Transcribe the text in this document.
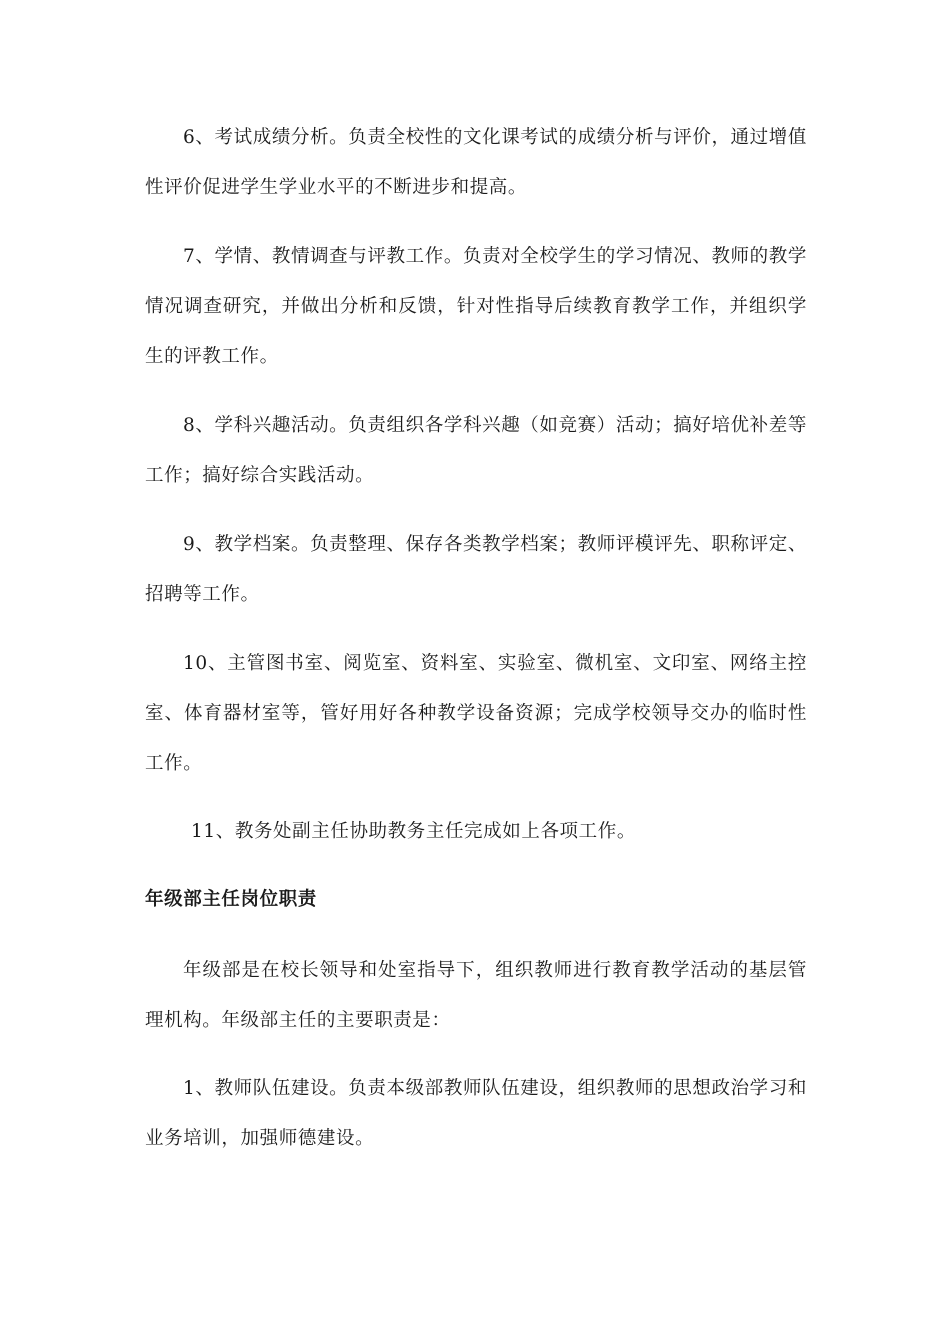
6、考试成绩分析。负责全校性的文化课考试的成绩分析与评价，通过增值性评价促进学生学业水平的不断进步和提高。

7、学情、教情调查与评教工作。负责对全校学生的学习情况、教师的教学情况调查研究，并做出分析和反馈，针对性指导后续教育教学工作，并组织学生的评教工作。

8、学科兴趣活动。负责组织各学科兴趣（如竞赛）活动；搞好培优补差等工作；搞好综合实践活动。

9、教学档案。负责整理、保存各类教学档案；教师评模评先、职称评定、招聘等工作。

10、主管图书室、阅览室、资料室、实验室、微机室、文印室、网络主控室、体育器材室等，管好用好各种教学设备资源；完成学校领导交办的临时性工作。

11、教务处副主任协助教务主任完成如上各项工作。

年级部主任岗位职责

年级部是在校长领导和处室指导下，组织教师进行教育教学活动的基层管理机构。年级部主任的主要职责是：

1、教师队伍建设。负责本级部教师队伍建设，组织教师的思想政治学习和业务培训，加强师德建设。
